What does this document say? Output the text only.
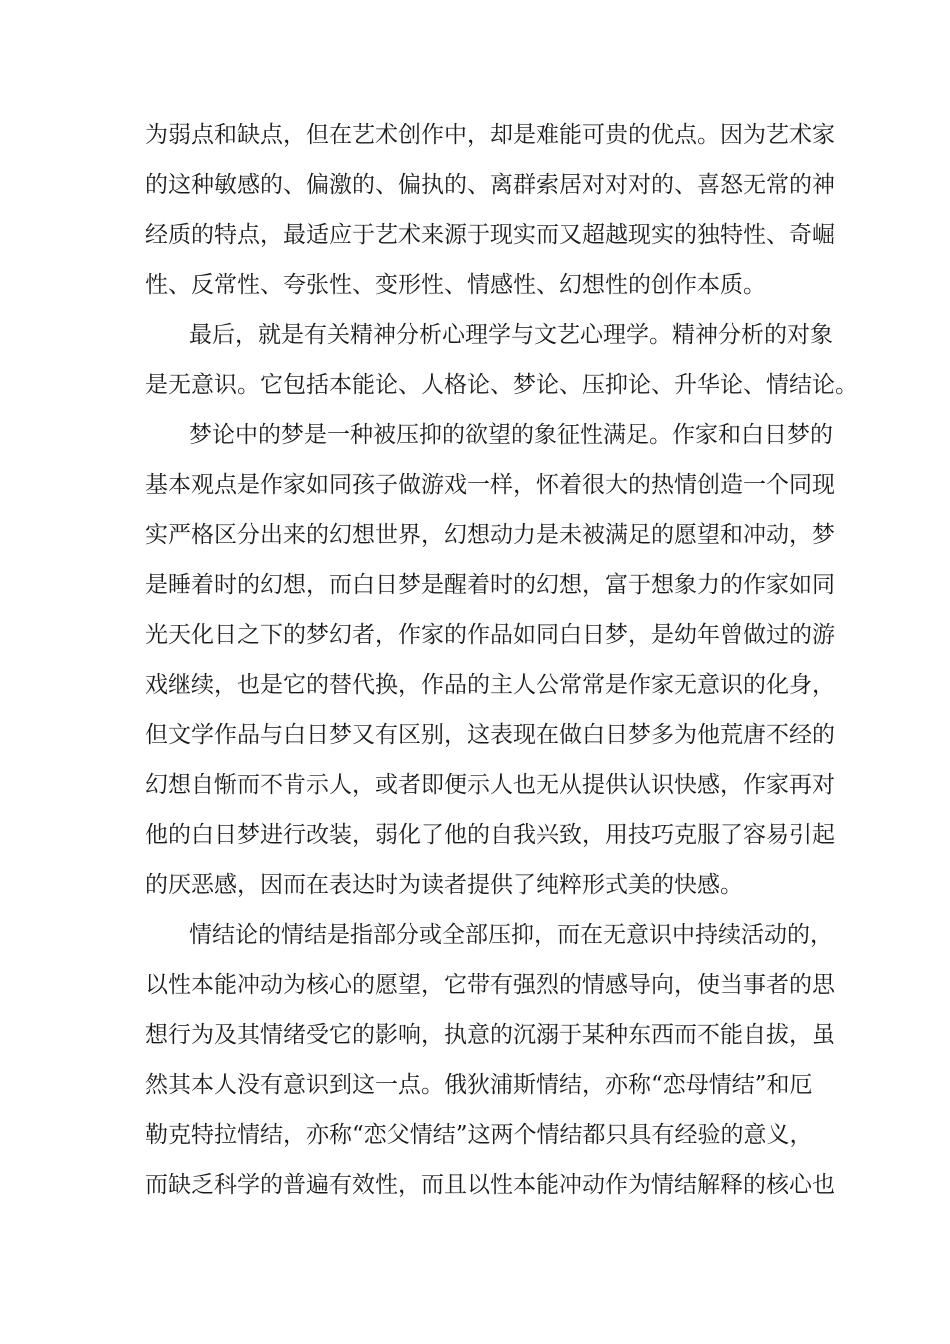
为弱点和缺点，但在艺术创作中，却是难能可贵的优点。因为艺术家
的这种敏感的、偏激的、偏执的、离群索居对对对的、喜怒无常的神
经质的特点，最适应于艺术来源于现实而又超越现实的独特性、奇崛
性、反常性、夸张性、变形性、情感性、幻想性的创作本质。
最后，就是有关精神分析心理学与文艺心理学。精神分析的对象
是无意识。它包括本能论、人格论、梦论、压抑论、升华论、情结论。
梦论中的梦是一种被压抑的欲望的象征性满足。作家和白日梦的
基本观点是作家如同孩子做游戏一样，怀着很大的热情创造一个同现
实严格区分出来的幻想世界，幻想动力是未被满足的愿望和冲动，梦
是睡着时的幻想，而白日梦是醒着时的幻想，富于想象力的作家如同
光天化日之下的梦幻者，作家的作品如同白日梦，是幼年曾做过的游
戏继续，也是它的替代换，作品的主人公常常是作家无意识的化身，
但文学作品与白日梦又有区别，这表现在做白日梦多为他荒唐不经的
幻想自惭而不肯示人，或者即便示人也无从提供认识快感，作家再对
他的白日梦进行改装，弱化了他的自我兴致，用技巧克服了容易引起
的厌恶感，因而在表达时为读者提供了纯粹形式美的快感。
情结论的情结是指部分或全部压抑，而在无意识中持续活动的，
以性本能冲动为核心的愿望，它带有强烈的情感导向，使当事者的思
想行为及其情绪受它的影响，执意的沉溺于某种东西而不能自拔，虽
然其本人没有意识到这一点。俄狄浦斯情结，亦称“恋母情结”和厄
勒克特拉情结，亦称“恋父情结”这两个情结都只具有经验的意义，
而缺乏科学的普遍有效性，而且以性本能冲动作为情结解释的核心也
